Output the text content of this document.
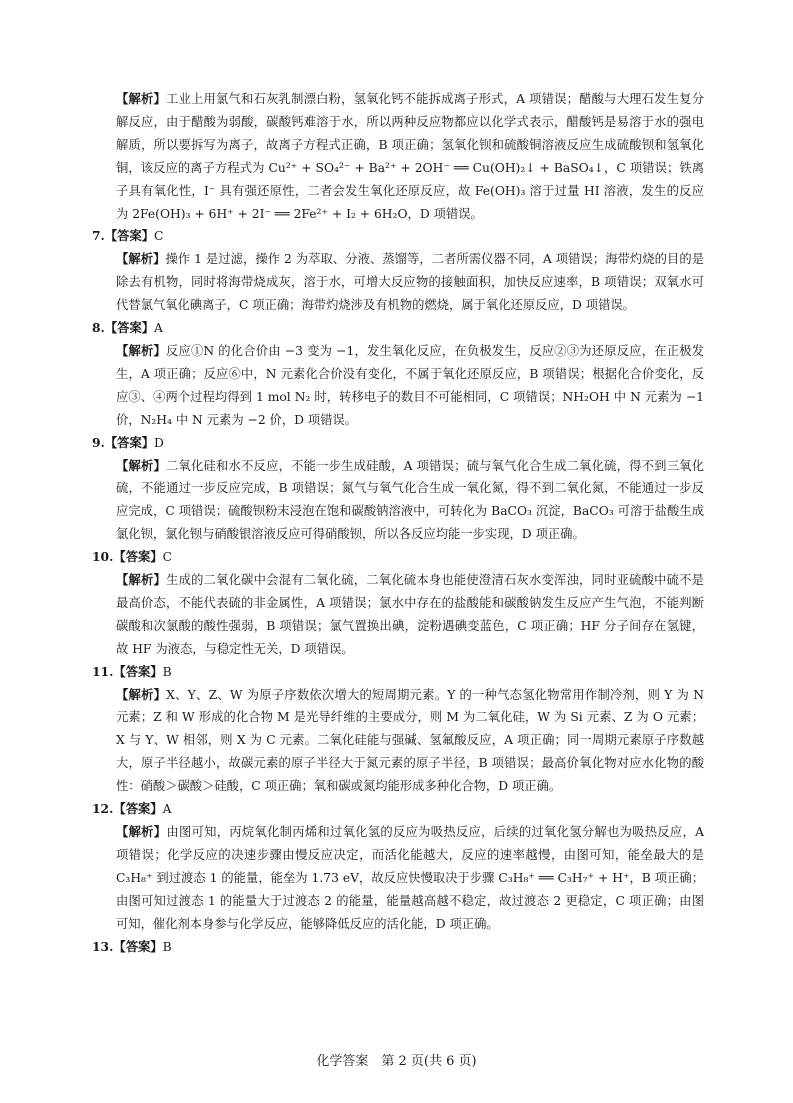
【解析】工业上用氯气和石灰乳制漂白粉，氢氧化钙不能拆成离子形式，A 项错误；醋酸与大理石发生复分解反应，由于醋酸为弱酸，碳酸钙难溶于水，所以两种反应物都应以化学式表示，醋酸钙是易溶于水的强电解质，所以要拆写为离子，故离子方程式正确，B 项正确；氢氧化钡和硫酸铜溶液反应生成硫酸钡和氢氧化铜，该反应的离子方程式为 Cu²⁺ + SO₄²⁻ + Ba²⁺ + 2OH⁻ ══ Cu(OH)₂↓ + BaSO₄↓，C 项错误；铁离子具有氧化性，I⁻ 具有强还原性，二者会发生氧化还原反应，故 Fe(OH)₃ 溶于过量 HI 溶液，发生的反应为 2Fe(OH)₃ + 6H⁺ + 2I⁻ ══ 2Fe²⁺ + I₂ + 6H₂O，D 项错误。

7.【答案】C

【解析】操作 1 是过滤，操作 2 为萃取、分液、蒸馏等，二者所需仪器不同，A 项错误；海带灼烧的目的是除去有机物，同时将海带烧成灰，溶于水，可增大反应物的接触面积，加快反应速率，B 项错误；双氧水可代替氯气氧化碘离子，C 项正确；海带灼烧涉及有机物的燃烧，属于氧化还原反应，D 项错误。

8.【答案】A

【解析】反应①N 的化合价由 −3 变为 −1，发生氧化反应，在负极发生，反应②③为还原反应，在正极发生，A 项正确；反应⑥中，N 元素化合价没有变化，不属于氧化还原反应，B 项错误；根据化合价变化，反应③、④两个过程均得到 1 mol N₂ 时，转移电子的数目不可能相同，C 项错误；NH₂OH 中 N 元素为 −1 价，N₂H₄ 中 N 元素为 −2 价，D 项错误。

9.【答案】D

【解析】二氧化硅和水不反应，不能一步生成硅酸，A 项错误；硫与氧气化合生成二氧化硫，得不到三氧化硫，不能通过一步反应完成，B 项错误；氮气与氧气化合生成一氧化氮，得不到二氧化氮，不能通过一步反应完成，C 项错误；硫酸钡粉末浸泡在饱和碳酸钠溶液中，可转化为 BaCO₃ 沉淀，BaCO₃ 可溶于盐酸生成氯化钡，氯化钡与硝酸银溶液反应可得硝酸钡，所以各反应均能一步实现，D 项正确。

10.【答案】C

【解析】生成的二氧化碳中会混有二氧化硫，二氧化硫本身也能使澄清石灰水变浑浊，同时亚硫酸中硫不是最高价态，不能代表硫的非金属性，A 项错误；氯水中存在的盐酸能和碳酸钠发生反应产生气泡，不能判断碳酸和次氯酸的酸性强弱，B 项错误；氯气置换出碘，淀粉遇碘变蓝色，C 项正确；HF 分子间存在氢键，故 HF 为液态，与稳定性无关，D 项错误。

11.【答案】B

【解析】X、Y、Z、W 为原子序数依次增大的短周期元素。Y 的一种气态氢化物常用作制冷剂，则 Y 为 N 元素；Z 和 W 形成的化合物 M 是光导纤维的主要成分，则 M 为二氧化硅，W 为 Si 元素、Z 为 O 元素；X 与 Y、W 相邻，则 X 为 C 元素。二氧化硅能与强碱、氢氟酸反应，A 项正确；同一周期元素原子序数越大，原子半径越小，故碳元素的原子半径大于氮元素的原子半径，B 项错误；最高价氧化物对应水化物的酸性：硝酸＞碳酸＞硅酸，C 项正确；氧和碳或氮均能形成多种化合物，D 项正确。

12.【答案】A

【解析】由图可知，丙烷氧化制丙烯和过氧化氢的反应为吸热反应，后续的过氧化氢分解也为吸热反应，A 项错误；化学反应的决速步骤由慢反应决定，而活化能越大，反应的速率越慢，由图可知，能垒最大的是 C₃H₈⁺ 到过渡态 1 的能量，能垒为 1.73 eV，故反应快慢取决于步骤 C₃H₈⁺ ══ C₃H₇⁺ + H⁺，B 项正确；由图可知过渡态 1 的能量大于过渡态 2 的能量，能量越高越不稳定，故过渡态 2 更稳定，C 项正确；由图可知，催化剂本身参与化学反应，能够降低反应的活化能，D 项正确。

13.【答案】B

化学答案　第 2 页(共 6 页)
